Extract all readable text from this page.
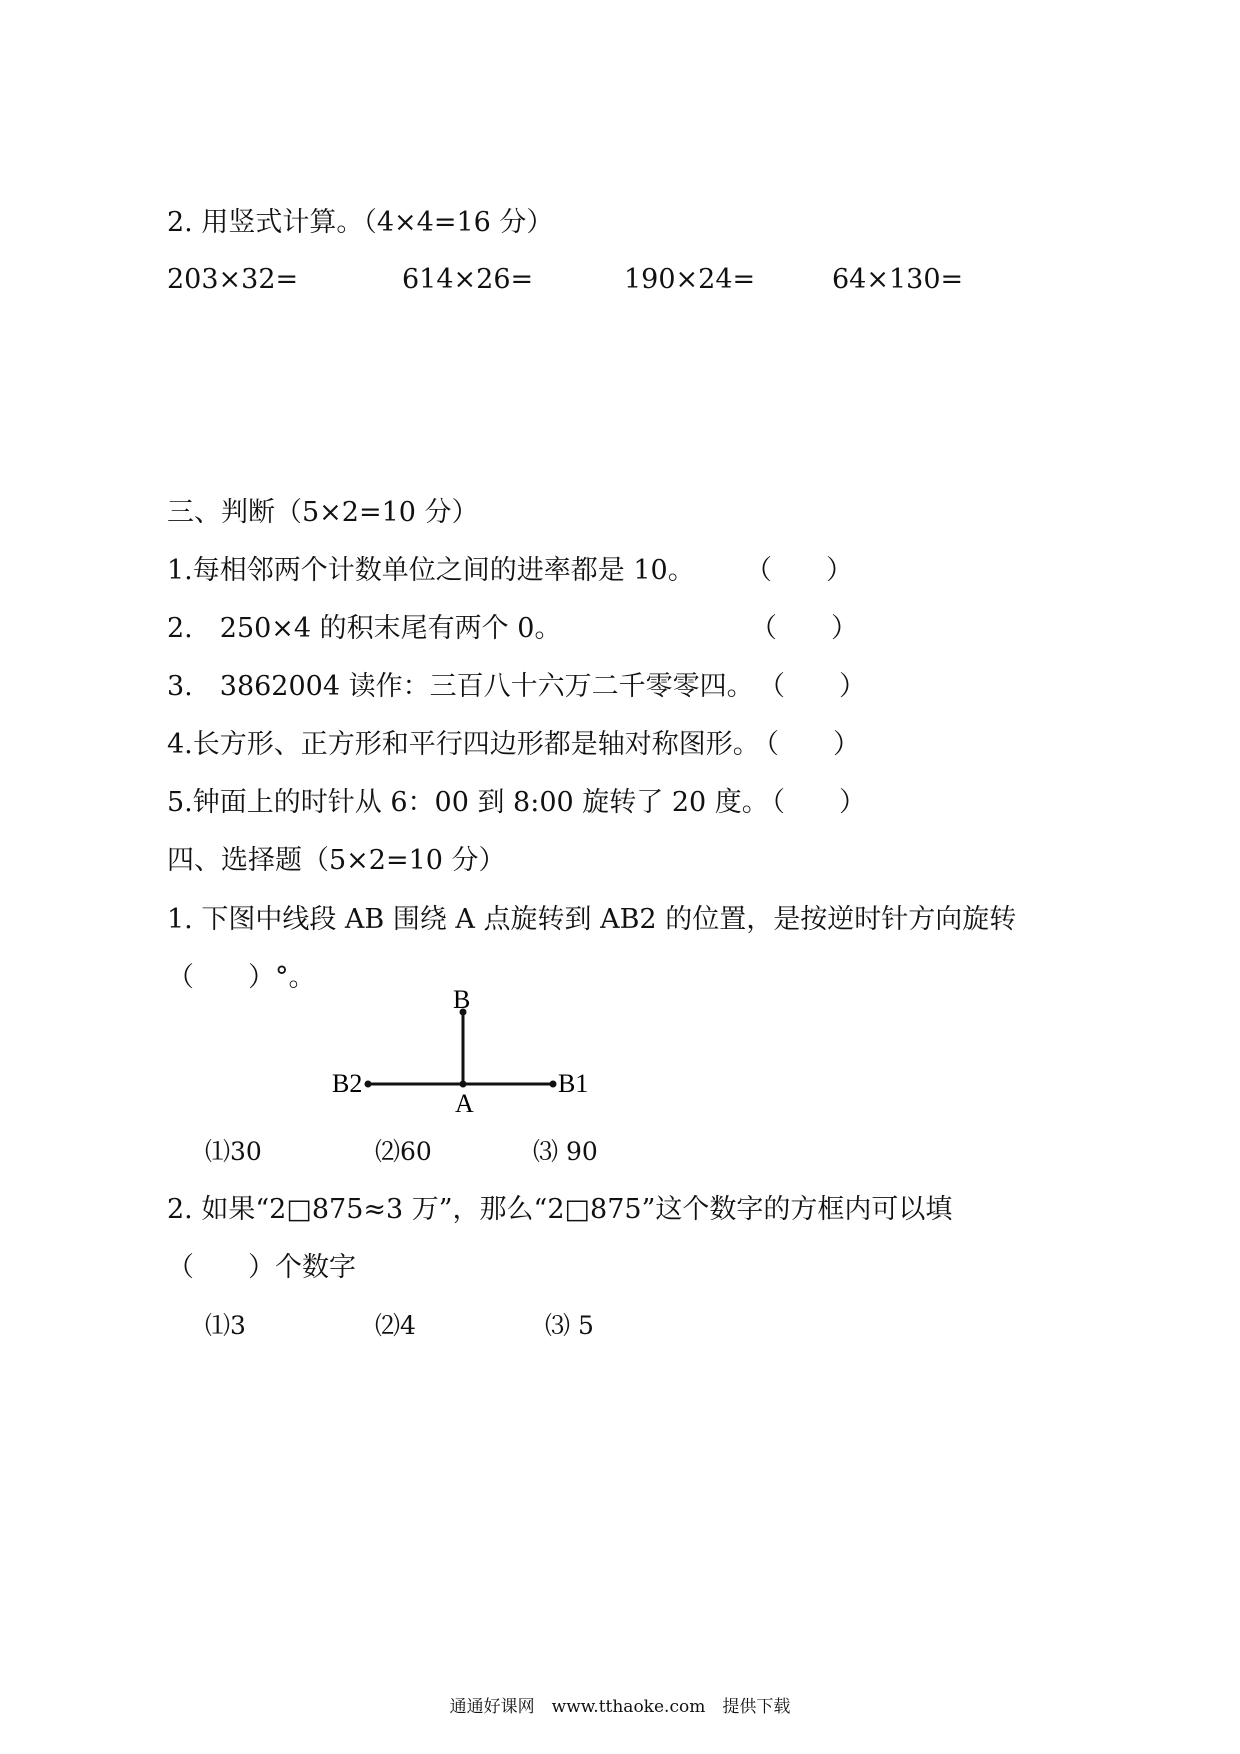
2. 用竖式计算。（4×4=16 分）
203×32=	614×26=	190×24=	64×130=
三、判断（5×2=10 分）
1.每相邻两个计数单位之间的进率都是 10。 （　　）
2.　250×4 的积末尾有两个 0。	（　　）
3.　3862004 读作：三百八十六万二千零零四。 （　　）
4.长方形、正方形和平行四边形都是轴对称图形。
（　　）
5.钟面上的时针从 6：00 到 8:00 旋转了 20 度。
（　　）
四、选择题（5×2=10 分）
1. 下图中线段 AB 围绕 A 点旋转到 AB2 的位置，是按逆时针方向旋转
（　　）°。
B
B1
B2
A
⑴30	⑵60	⑶ 90
2. 如果“2□875≈3 万”，那么“2□875”这个数字的方框内可以填
（　　）个数字
⑴3	⑵4	⑶ 5
通通好课网　www.tthaoke.com　提供下载
